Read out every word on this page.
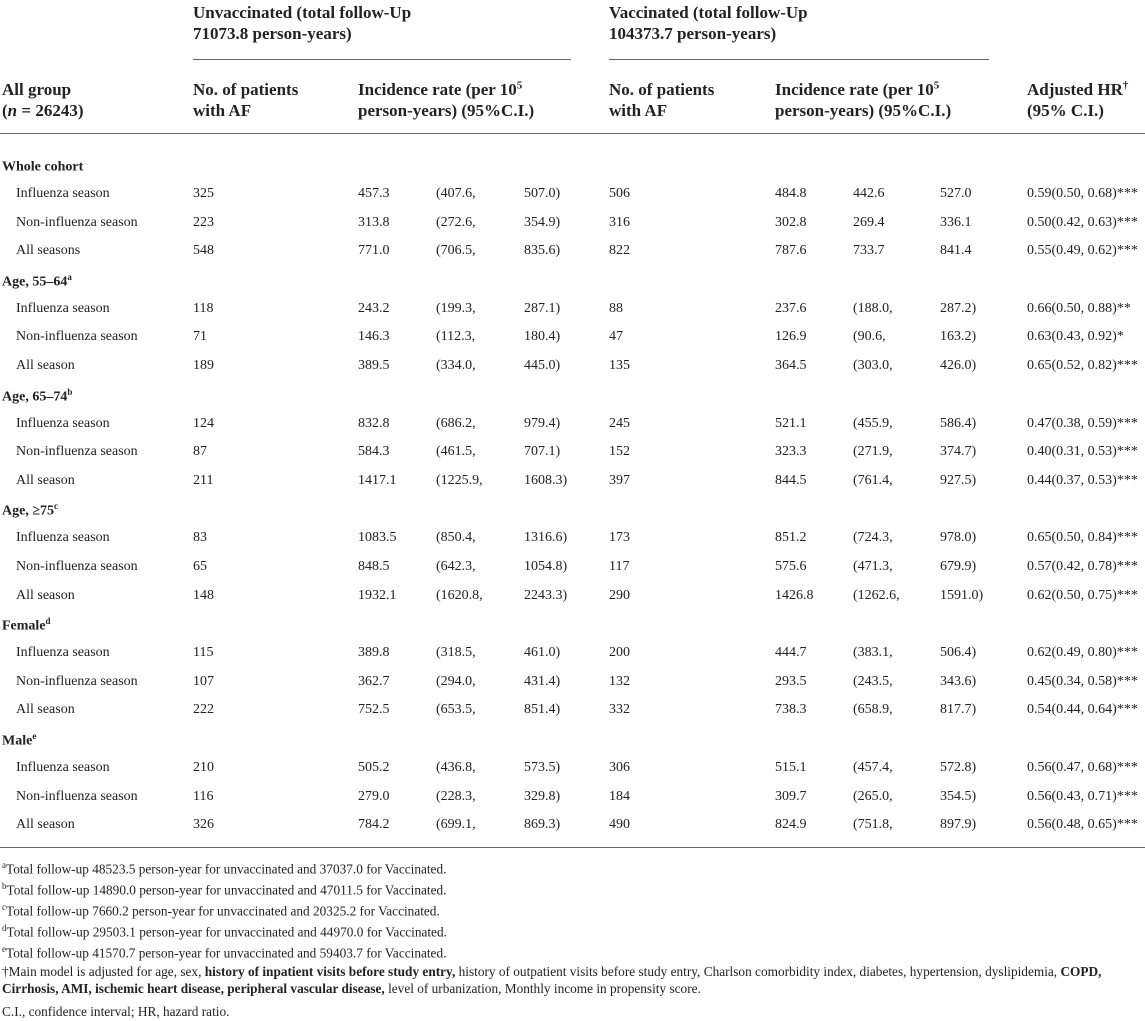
Unvaccinated (total follow-Up
71073.8 person-years)
Vaccinated (total follow-Up
104373.7 person-years)
All group
(n = 26243)
No. of patients
with AF
Incidence rate (per $10^5$
person-years) (95%C.I.)
No. of patients
with AF
Incidence rate (per $10^5$
person-years) (95%C.I.)
Adjusted HR†
(95% C.I.)
Whole cohort
Influenza season	325	457.3	(407.6,	507.0)	506	484.8	442.6	527.0	0.59(0.50, 0.68)***
Non-influenza season	223	313.8	(272.6,	354.9)	316	302.8	269.4	336.1	0.50(0.42, 0.63)***
All seasons	548	771.0	(706.5,	835.6)	822	787.6	733.7	841.4	0.55(0.49, 0.62)***
Age, 55–64$^a$
Influenza season	118	243.2	(199.3,	287.1)	88	237.6	(188.0,	287.2)	0.66(0.50, 0.88)**
Non-influenza season	71	146.3	(112.3,	180.4)	47	126.9	(90.6,	163.2)	0.63(0.43, 0.92)*
All season	189	389.5	(334.0,	445.0)	135	364.5	(303.0,	426.0)	0.65(0.52, 0.82)***
Age, 65–74$^b$
Influenza season	124	832.8	(686.2,	979.4)	245	521.1	(455.9,	586.4)	0.47(0.38, 0.59)***
Non-influenza season	87	584.3	(461.5,	707.1)	152	323.3	(271.9,	374.7)	0.40(0.31, 0.53)***
All season	211	1417.1	(1225.9,	1608.3)	397	844.5	(761.4,	927.5)	0.44(0.37, 0.53)***
Age, $\ge 75^c$
Influenza season	83	1083.5	(850.4,	1316.6)	173	851.2	(724.3,	978.0)	0.65(0.50, 0.84)***
Non-influenza season	65	848.5	(642.3,	1054.8)	117	575.6	(471.3,	679.9)	0.57(0.42, 0.78)***
All season	148	1932.1	(1620.8,	2243.3)	290	1426.8	(1262.6,	1591.0)	0.62(0.50, 0.75)***
Female$^d$
Influenza season	115	389.8	(318.5,	461.0)	200	444.7	(383.1,	506.4)	0.62(0.49, 0.80)***
Non-influenza season	107	362.7	(294.0,	431.4)	132	293.5	(243.5,	343.6)	0.45(0.34, 0.58)***
All season	222	752.5	(653.5,	851.4)	332	738.3	(658.9,	817.7)	0.54(0.44, 0.64)***
Male$^e$
Influenza season	210	505.2	(436.8,	573.5)	306	515.1	(457.4,	572.8)	0.56(0.47, 0.68)***
Non-influenza season	116	279.0	(228.3,	329.8)	184	309.7	(265.0,	354.5)	0.56(0.43, 0.71)***
All season	326	784.2	(699.1,	869.3)	490	824.9	(751.8,	897.9)	0.56(0.48, 0.65)***
$^a$Total follow-up 48523.5 person-year for unvaccinated and 37037.0 for Vaccinated.
$^b$Total follow-up 14890.0 person-year for unvaccinated and 47011.5 for Vaccinated.
$^c$Total follow-up 7660.2 person-year for unvaccinated and 20325.2 for Vaccinated.
$^d$Total follow-up 29503.1 person-year for unvaccinated and 44970.0 for Vaccinated.
$^e$Total follow-up 41570.7 person-year for unvaccinated and 59403.7 for Vaccinated.
†Main model is adjusted for age, sex, history of inpatient visits before study entry, history of outpatient visits before study entry, Charlson comorbidity index, diabetes, hypertension, dyslipidemia, COPD, Cirrhosis, AMI, ischemic heart disease, peripheral vascular disease, level of urbanization, Monthly income in propensity score.
C.I., confidence interval; HR, hazard ratio.
